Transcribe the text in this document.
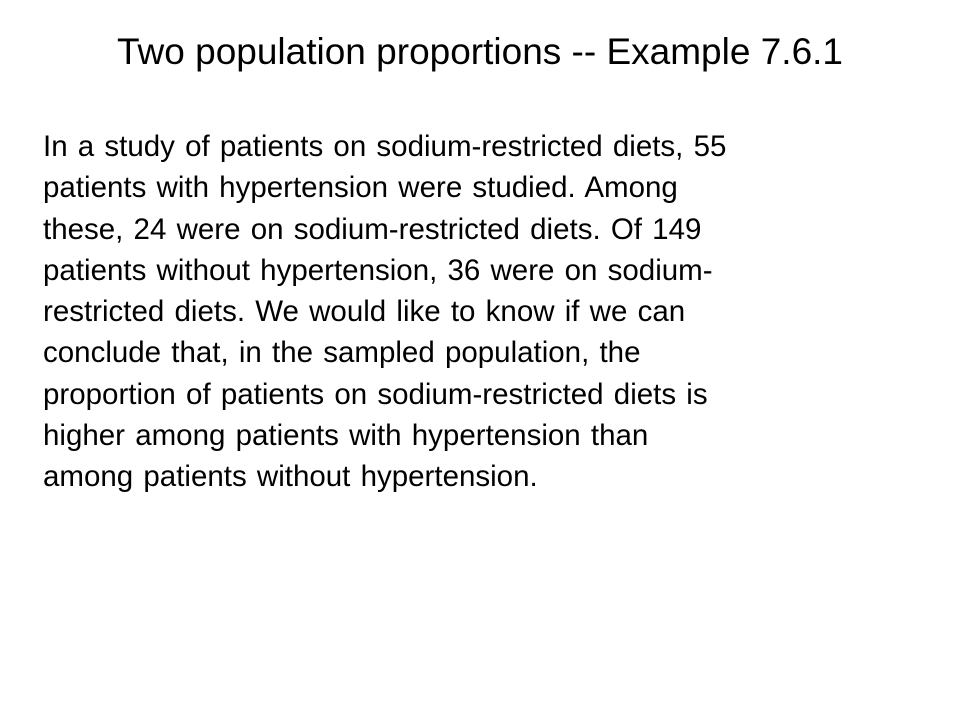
Two population proportions -- Example 7.6.1
In a study of patients on sodium-restricted diets, 55
patients with hypertension were studied. Among
these, 24 were on sodium-restricted diets. Of 149
patients without hypertension, 36 were on sodium-
restricted diets. We would like to know if we can
conclude that, in the sampled population, the
proportion of patients on sodium-restricted diets is
higher among patients with hypertension than
among patients without hypertension.
